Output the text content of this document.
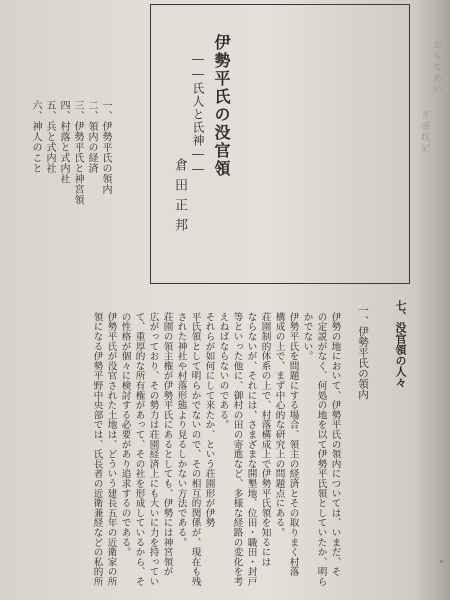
一、伊勢平氏の領内
二、領内の経済
三、伊勢平氏と神宮領
四、村落と式内社
五、兵と式内社
六、神人のこと	伊勢平氏の没官領
――氏人と氏神――
倉田正邦
七、没官領の人々
一、伊勢平氏の領内
伊勢の地において、伊勢平氏の領内については、いまだ、そ
の定説がなく、何処の地を以て伊勢平氏領としていたか、明ら
かでない。
伊勢平氏を問題にする場合、領主の経済とその取りまく村落
構成の上で、まず中心的な研究上の問題点にある。
荘園制的体系の上で、村落構成上で伊勢平氏領を知るには
ならないが、それには、さまざまな開墾地、位田・職田・封戸
等といった他に、御村の田の寄進など、多様な経路の変化を考
えねばならないのである。
それらが如何にして来たか、という荘園形が伊勢
平氏領として明らかでないので、その相互的関係が、現在も残
された神社や村落形態より見るしかない方法である。
荘園の領主権が伊勢平氏にあるとしても、伊勢には神宮領が
広がっており、その勢力は荘園経済上にも大いに力を持ってい
て、重厚的な所有権があって、その社を形成しているから、そ
の性格が個々に検討する必要があり追求するのである。
伊勢平氏が没官された土地は、どういう建長五年の近衛家の所
領になる伊勢平野中央部では、氏長者の近衛兼経などの私的所
おもてあい
ぎ盛政記
